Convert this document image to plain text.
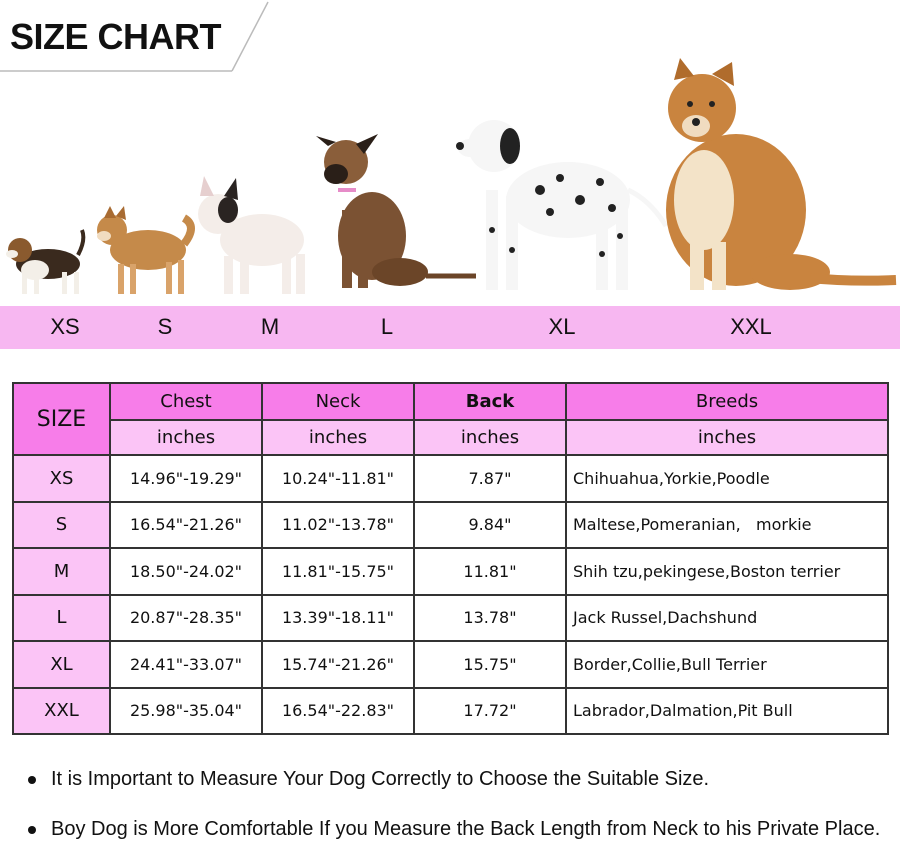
SIZE CHART
XS	S	M	L	XL	XXL
SIZE	Chest	Neck	Back	Breeds
	inches	inches	inches	inches
XS	14.96"-19.29"	10.24"-11.81"	7.87"	Chihuahua,Yorkie,Poodle
S	16.54"-21.26"	11.02"-13.78"	9.84"	Maltese,Pomeranian,   morkie
M	18.50"-24.02"	11.81"-15.75"	11.81"	Shih tzu,pekingese,Boston terrier
L	20.87"-28.35"	13.39"-18.11"	13.78"	Jack Russel,Dachshund
XL	24.41"-33.07"	15.74"-21.26"	15.75"	Border,Collie,Bull Terrier
XXL	25.98"-35.04"	16.54"-22.83"	17.72"	Labrador,Dalmation,Pit Bull
It is Important to Measure Your Dog Correctly to Choose the Suitable Size.
Boy Dog is More Comfortable If you Measure the Back Length from Neck to his Private Place.
